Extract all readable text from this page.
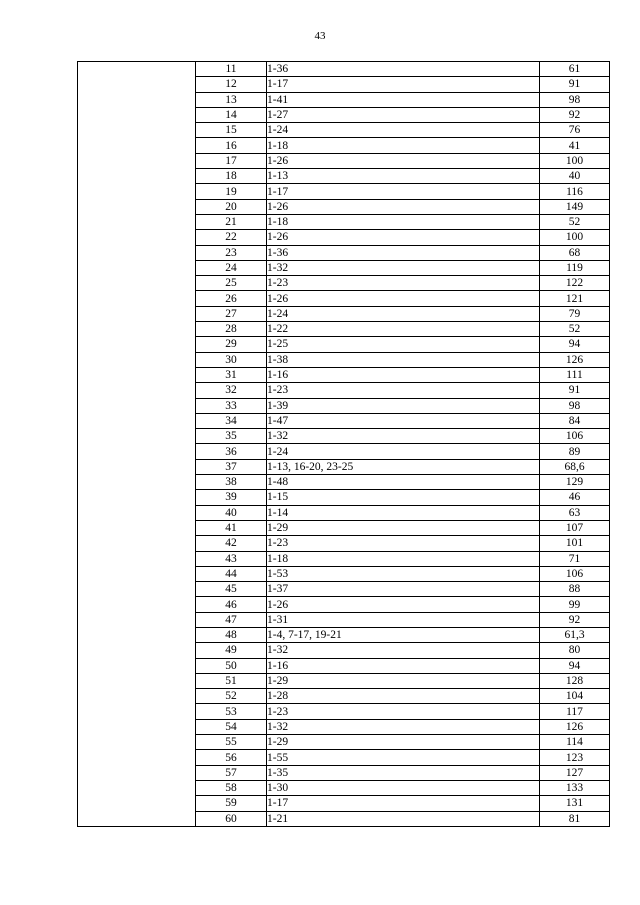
43
	11	1-36	61
	12	1-17	91
	13	1-41	98
	14	1-27	92
	15	1-24	76
	16	1-18	41
	17	1-26	100
	18	1-13	40
	19	1-17	116
	20	1-26	149
	21	1-18	52
	22	1-26	100
	23	1-36	68
	24	1-32	119
	25	1-23	122
	26	1-26	121
	27	1-24	79
	28	1-22	52
	29	1-25	94
	30	1-38	126
	31	1-16	111
	32	1-23	91
	33	1-39	98
	34	1-47	84
	35	1-32	106
	36	1-24	89
	37	1-13, 16-20, 23-25	68,6
	38	1-48	129
	39	1-15	46
	40	1-14	63
	41	1-29	107
	42	1-23	101
	43	1-18	71
	44	1-53	106
	45	1-37	88
	46	1-26	99
	47	1-31	92
	48	1-4, 7-17, 19-21	61,3
	49	1-32	80
	50	1-16	94
	51	1-29	128
	52	1-28	104
	53	1-23	117
	54	1-32	126
	55	1-29	114
	56	1-55	123
	57	1-35	127
	58	1-30	133
	59	1-17	131
	60	1-21	81
